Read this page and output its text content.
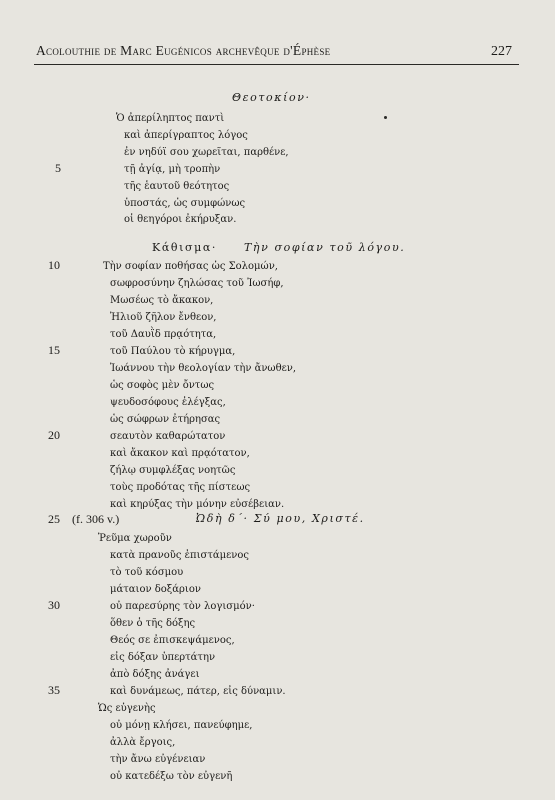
Acolouthie de Marc Eugénicos archevêque d'Éphèse	227
Θεοτοκίον·
Ὁ ἀπερίληπτος παντὶ
καὶ ἀπερίγραπτος λόγος
ἐν νηδύϊ σου χωρεῖται, παρθένε,
τῇ ἀγίᾳ, μὴ τροπὴν
τῆς ἑαυτοῦ θεότητος
ὑποστάς, ὡς συμφώνως
οἱ θεηγόροι ἐκήρυξαν.
Κάθισμα· Τὴν σοφίαν τοῦ λόγου.
Τὴν σοφίαν ποθήσας ὡς Σολομών,
σωφροσύνην ζηλώσας τοῦ Ἰωσήφ,
Μωσέως τὸ ἄκακον,
Ἠλιοῦ ζῆλον ἔνθεον,
τοῦ Δαυῒδ πρᾳότητα,
τοῦ Παύλου τὸ κήρυγμα,
Ἰωάννου τὴν θεολογίαν τὴν ἄνωθεν,
ὡς σοφὸς μὲν ὄντως
ψευδοσόφους ἐλέγξας,
ὡς σώφρων ἐτήρησας
σεαυτὸν καθαρώτατον
καὶ ἄκακον καὶ πρᾳότατον,
ζήλῳ συμφλέξας νοητῶς
τοὺς προδότας τῆς πίστεως
καὶ κηρύξας τὴν μόνην εὐσέβειαν.
(f. 306 v.)	Ὠδὴ δ΄· Σύ μου, Χριστέ.
Ῥεῦμα χωροῦν
κατὰ πρανοῦς ἐπιστάμενος
τὸ τοῦ κόσμου
μάταιον δοξάριον
οὐ παρεσύρης τὸν λογισμόν·
ὅθεν ὁ τῆς δόξης
Θεός σε ἐπισκεψάμενος,
εἰς δόξαν ὑπερτάτην
ἀπὸ δόξης ἀνάγει
καὶ δυνάμεως, πάτερ, εἰς δύναμιν.
Ὡς εὐγενὴς
οὐ μόνῃ κλήσει, πανεύφημε,
ἀλλὰ ἔργοις,
τὴν ἄνω εὐγένειαν
οὐ κατεδέξω τὸν εὐγενῆ
5
10
15
20
25
30
35
